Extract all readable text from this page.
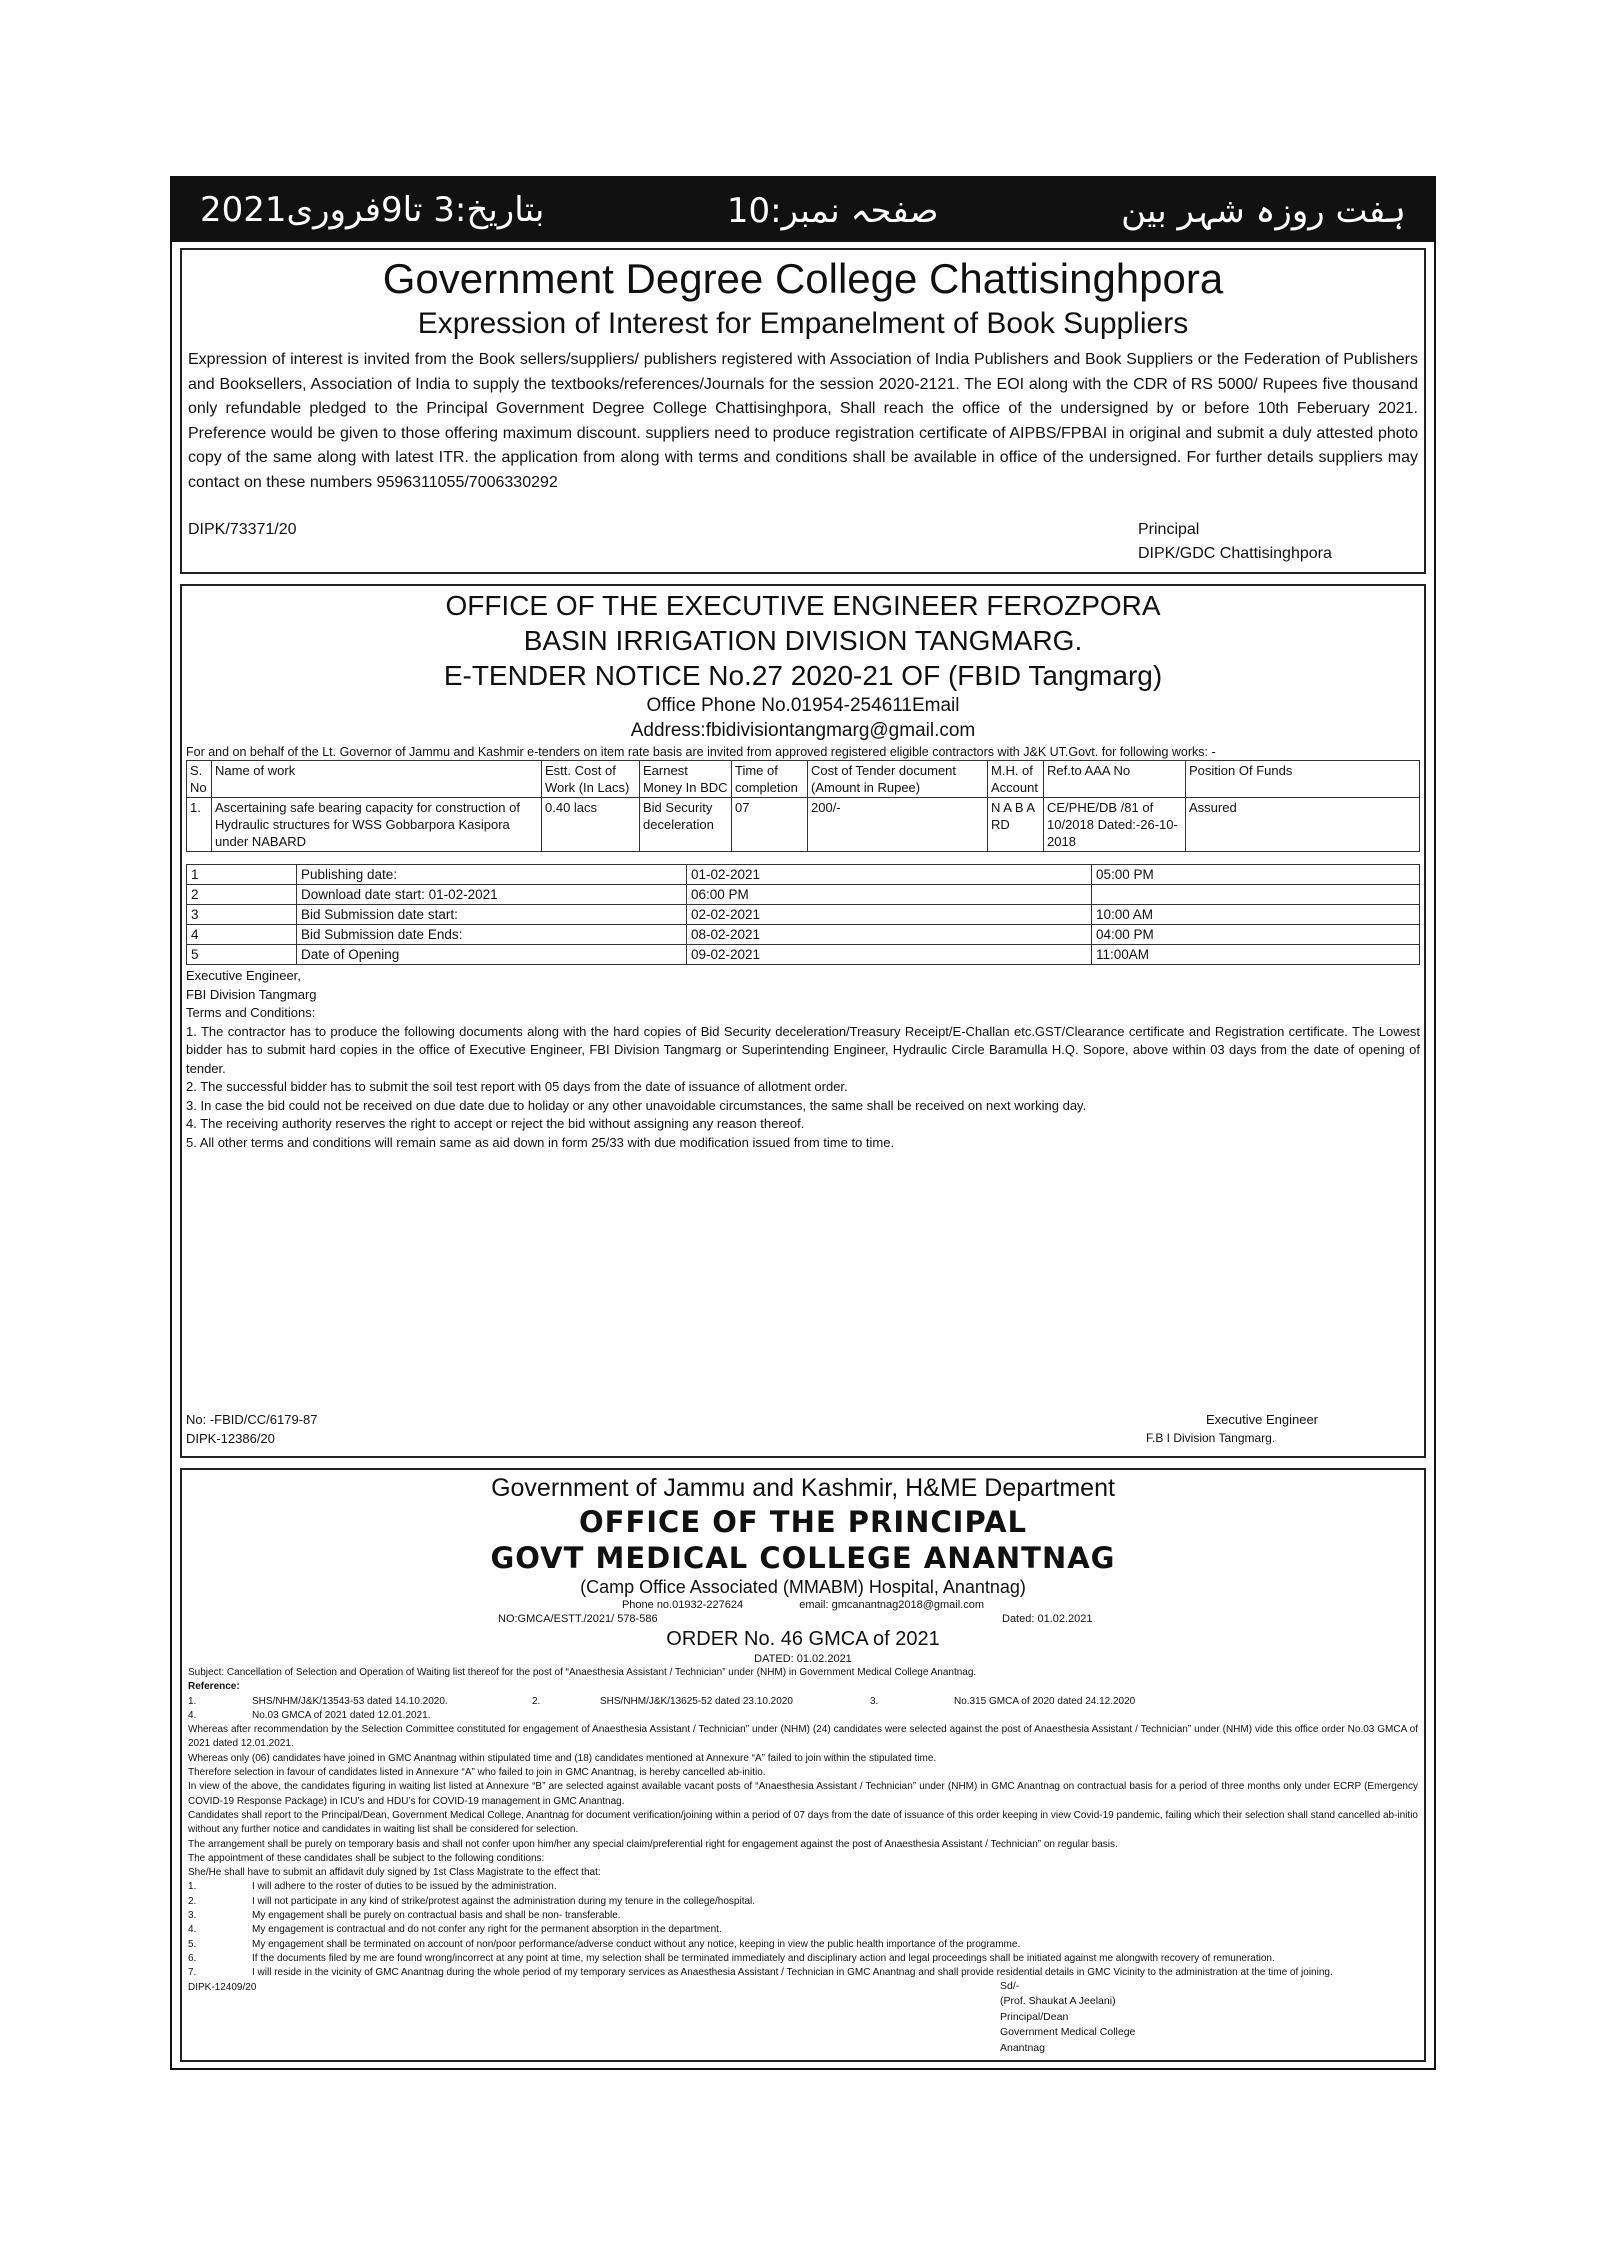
بتاریخ:3 تا9فروری2021	صفحہ نمبر:10	ہفت روزہ شہر بین
Government Degree College Chattisinghpora
Expression of Interest for Empanelment of Book Suppliers

Expression of interest is invited from the Book sellers/suppliers/ publishers registered with Association of India Publishers and Book Suppliers or the Federation of Publishers and Booksellers, Association of India to supply the textbooks/references/Journals for the session 2020-2121. The EOI along with the CDR of RS 5000/ Rupees five thousand only refundable pledged to the Principal Government Degree College Chattisinghpora, Shall reach the office of the undersigned by or before 10th Feberuary 2021. Preference would be given to those offering maximum discount. suppliers need to produce registration certificate of AIPBS/FPBAI in original and submit a duly attested photo copy of the same along with latest ITR. the application from along with terms and conditions shall be available in office of the undersigned. For further details suppliers may contact on these numbers 9596311055/7006330292

DIPK/73371/20	Principal
DIPK/GDC Chattisinghpora
OFFICE OF THE EXECUTIVE ENGINEER FEROZPORA
BASIN IRRIGATION DIVISION TANGMARG.
E-TENDER NOTICE No.27 2020-21 OF (FBID Tangmarg)
Office Phone No.01954-254611Email
Address:fbidivisiontangmarg@gmail.com
For and on behalf of the Lt. Governor of Jammu and Kashmir e-tenders on item rate basis are invited from approved registered eligible contractors with J&K UT.Govt. for following works: -
S. No	Name of work	Estt. Cost of Work (In Lacs)	Earnest Money In BDC	Time of completion	Cost of Tender document (Amount in Rupee)	M.H. of Account	Ref.to AAA No	Position Of Funds
1.	Ascertaining safe bearing capacity for construction of Hydraulic structures for WSS Gobbarpora Kasipora under NABARD	0.40 lacs	Bid Security deceleration	07	200/-	N A B A RD	CE/PHE/DB /81 of 10/2018 Dated:-26-10-2018	Assured
1	Publishing date:	01-02-2021	05:00 PM
2	Download date start: 01-02-2021	06:00 PM	
3	Bid Submission date start:	02-02-2021	10:00 AM
4	Bid Submission date Ends:	08-02-2021	04:00 PM
5	Date of Opening	09-02-2021	11:00AM
Executive Engineer,
FBI Division Tangmarg
Terms and Conditions:
1. The contractor has to produce the following documents along with the hard copies of Bid Security deceleration/Treasury Receipt/E-Challan etc.GST/Clearance certificate and Registration certificate. The Lowest bidder has to submit hard copies in the office of Executive Engineer, FBI Division Tangmarg or Superintending Engineer, Hydraulic Circle Baramulla H.Q. Sopore, above within 03 days from the date of opening of tender.
2. The successful bidder has to submit the soil test report with 05 days from the date of issuance of allotment order.
3. In case the bid could not be received on due date due to holiday or any other unavoidable circumstances, the same shall be received on next working day.
4. The receiving authority reserves the right to accept or reject the bid without assigning any reason thereof.
5. All other terms and conditions will remain same as aid down in form 25/33 with due modification issued from time to time.
No: -FBID/CC/6179-87
DIPK-12386/20
Executive Engineer
F.B I Division Tangmarg.
Government of Jammu and Kashmir, H&ME Department
OFFICE OF THE PRINCIPAL
GOVT MEDICAL COLLEGE ANANTNAG
(Camp Office Associated (MMABM) Hospital, Anantnag)
Phone no.01932-227624	email: gmcanantnag2018@gmail.com
NO:GMCA/ESTT./2021/ 578-586	Dated: 01.02.2021
ORDER No. 46 GMCA of 2021
DATED: 01.02.2021
Subject: Cancellation of Selection and Operation of Waiting list thereof for the post of “Anaesthesia Assistant / Technician” under (NHM) in Government Medical College Anantnag.
Reference:
1.	SHS/NHM/J&K/13543-53 dated 14.10.2020.	2.	SHS/NHM/J&K/13625-52 dated 23.10.2020	3.	No.315 GMCA of 2020 dated 24.12.2020
4.	No.03 GMCA of 2021 dated 12.01.2021.
Whereas after recommendation by the Selection Committee constituted for engagement of Anaesthesia Assistant / Technician” under (NHM) (24) candidates were selected against the post of Anaesthesia Assistant / Technician” under (NHM) vide this office order No.03 GMCA of 2021 dated 12.01.2021.
Whereas only (06) candidates have joined in GMC Anantnag within stipulated time and (18) candidates mentioned at Annexure “A” failed to join within the stipulated time.
Therefore selection in favour of candidates listed in Annexure “A” who failed to join in GMC Anantnag, is hereby cancelled ab-initio.
In view of the above, the candidates figuring in waiting list listed at Annexure “B” are selected against available vacant posts of “Anaesthesia Assistant / Technician” under (NHM) in GMC Anantnag on contractual basis for a period of three months only under ECRP (Emergency COVID-19 Response Package) in ICU’s and HDU’s for COVID-19 management in GMC Anantnag.
Candidates shall report to the Principal/Dean, Government Medical College, Anantnag for document verification/joining within a period of 07 days from the date of issuance of this order keeping in view Covid-19 pandemic, failing which their selection shall stand cancelled ab-initio without any further notice and candidates in waiting list shall be considered for selection.
The arrangement shall be purely on temporary basis and shall not confer upon him/her any special claim/preferential right for engagement against the post of Anaesthesia Assistant / Technician” on regular basis.
The appointment of these candidates shall be subject to the following conditions:
She/He shall have to submit an affidavit duly signed by 1st Class Magistrate to the effect that:
1.	I will adhere to the roster of duties to be issued by the administration.
2.	I will not participate in any kind of strike/protest against the administration during my tenure in the college/hospital.
3.	My engagement shall be purely on contractual basis and shall be non- transferable.
4.	My engagement is contractual and do not confer any right for the permanent absorption in the department.
5.	My engagement shall be terminated on account of non/poor performance/adverse conduct without any notice, keeping in view the public health importance of the programme.
6.	If the documents filed by me are found wrong/incorrect at any point at time, my selection shall be terminated immediately and disciplinary action and legal proceedings shall be initiated against me alongwith recovery of remuneration.
7.	I will reside in the vicinity of GMC Anantnag during the whole period of my temporary services as Anaesthesia Assistant / Technician in GMC Anantnag and shall provide residential details in GMC Vicinity to the administration at the time of joining.
DIPK-12409/20	Sd/-
(Prof. Shaukat A Jeelani)
Principal/Dean
Government Medical College
Anantnag
